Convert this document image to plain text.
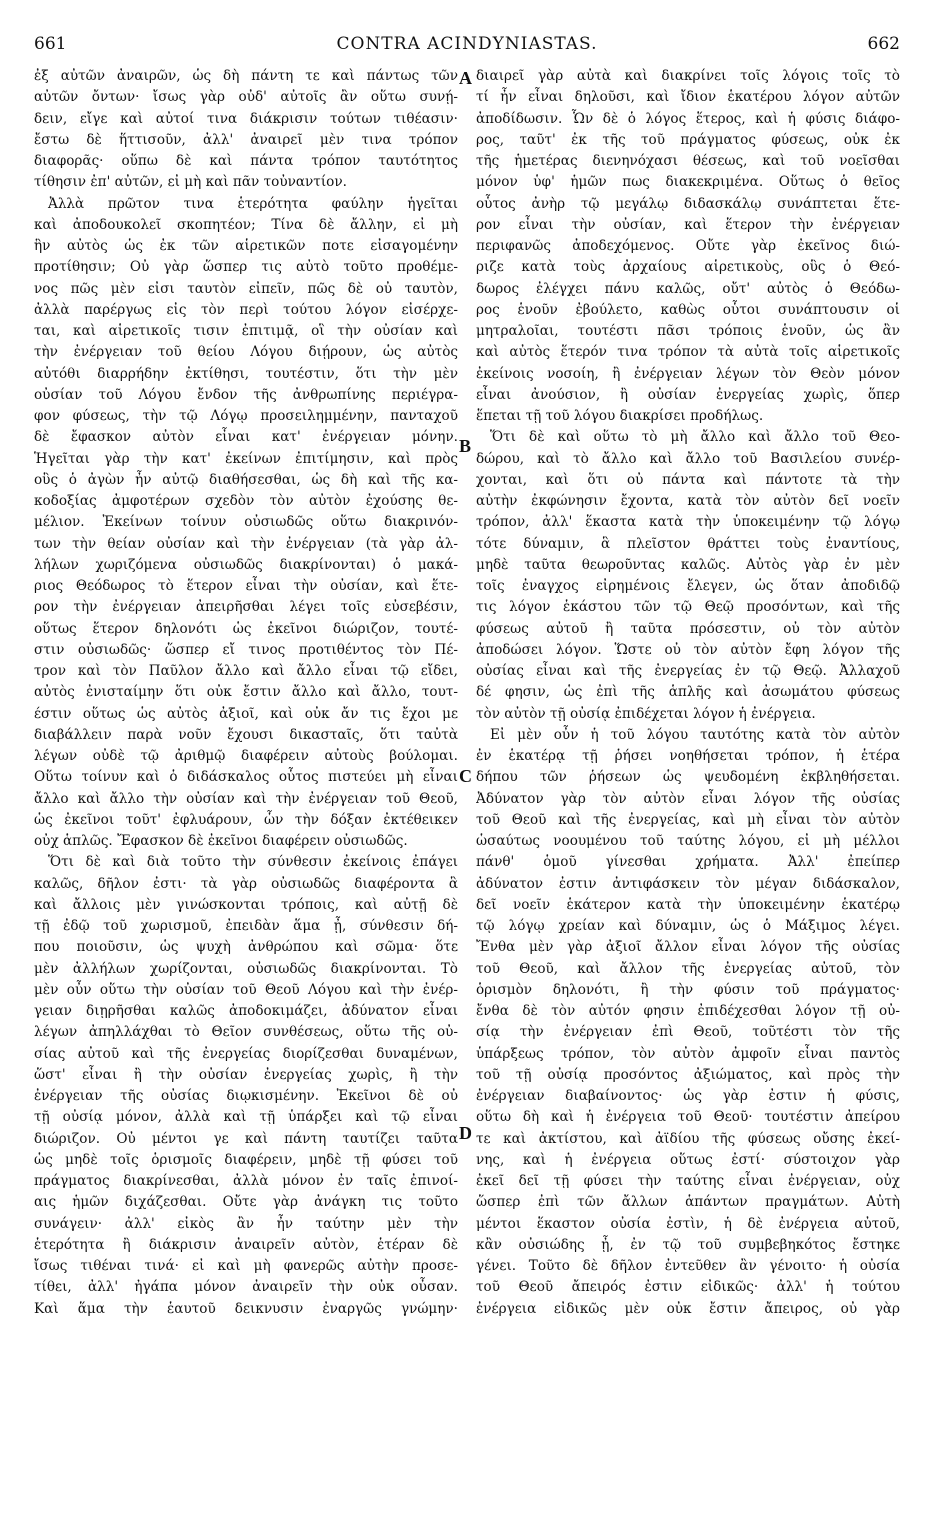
661	CONTRA ACINDYNIASTAS.	662
ἐξ αὐτῶν ἀναιρῶν, ὡς δὴ πάντη τε καὶ πάντως τῶν
αὐτῶν ὄντων· ἴσως γὰρ οὐδ' αὐτοῖς ἂν οὕτω συνῄ-
δειν, εἴγε καὶ αὐτοί τινα διάκρισιν τούτων τιθέασιν·
ἔστω δὲ ἥττισοῦν, ἀλλ' ἀναιρεῖ μὲν τινα τρόπον
διαφορᾶς· οὕπω δὲ καὶ πάντα τρόπον ταυτότητος
τίθησιν ἐπ' αὐτῶν, εἰ μὴ καὶ πᾶν τοὐναντίον.
Ἀλλὰ πρῶτον τινα ἑτερότητα φαύλην ἡγεῖται
καὶ ἀποδουκολεῖ σκοπητέον; Τίνα δὲ ἄλλην, εἰ μὴ
ἣν αὐτὸς ὡς ἐκ τῶν αἱρετικῶν ποτε εἰσαγομένην
προτίθησιν; Οὐ γὰρ ὥσπερ τις αὐτὸ τοῦτο προθέμε-
νος πῶς μὲν εἰσι ταυτὸν εἰπεῖν, πῶς δὲ οὐ ταυτὸν,
ἀλλὰ παρέργως εἰς τὸν περὶ τούτου λόγον εἰσέρχε-
ται, καὶ αἱρετικοῖς τισιν ἐπιτιμᾷ, οἳ τὴν οὐσίαν καὶ
τὴν ἐνέργειαν τοῦ θείου Λόγου διῄρουν, ὡς αὐτὸς
αὐτόθι διαρρήδην ἐκτίθησι, τουτέστιν, ὅτι τὴν μὲν
οὐσίαν τοῦ Λόγου ἔνδον τῆς ἀνθρωπίνης περιέγρα-
φον φύσεως, τὴν τῷ Λόγῳ προσειλημμένην, πανταχοῦ
δὲ ἔφασκον αὐτὸν εἶναι κατ' ἐνέργειαν μόνην.
Ἡγεῖται γὰρ τὴν κατ' ἐκείνων ἐπιτίμησιν, καὶ πρὸς
οὓς ὁ ἀγὼν ἦν αὐτῷ διαθήσεσθαι, ὡς δὴ καὶ τῆς κα-
κοδοξίας ἀμφοτέρων σχεδὸν τὸν αὐτὸν ἐχούσης θε-
μέλιον. Ἐκείνων τοίνυν οὐσιωδῶς οὕτω διακρινόν-
των τὴν θείαν οὐσίαν καὶ τὴν ἐνέργειαν (τὰ γὰρ ἀλ-
λήλων χωριζόμενα οὐσιωδῶς διακρίνονται) ὁ μακά-
ριος Θεόδωρος τὸ ἕτερον εἶναι τὴν οὐσίαν, καὶ ἕτε-
ρον τὴν ἐνέργειαν ἀπειρῆσθαι λέγει τοῖς εὐσεβέσιν,
οὕτως ἕτερον δηλονότι ὡς ἐκεῖνοι διώριζον, τουτέ-
στιν οὐσιωδῶς· ὥσπερ εἴ τινος προτιθέντος τὸν Πέ-
τρον καὶ τὸν Παῦλον ἄλλο καὶ ἄλλο εἶναι τῷ εἴδει,
αὐτὸς ἐνισταίμην ὅτι οὐκ ἔστιν ἄλλο καὶ ἄλλο, τουτ-
έστιν οὕτως ὡς αὐτὸς ἀξιοῖ, καὶ οὐκ ἄν τις ἔχοι με
διαβάλλειν παρὰ νοῦν ἔχουσι δικασταῖς, ὅτι ταὐτὰ
λέγων οὐδὲ τῷ ἀριθμῷ διαφέρειν αὐτοὺς βούλομαι.
Οὕτω τοίνυν καὶ ὁ διδάσκαλος οὗτος πιστεύει μὴ εἶναι
ἄλλο καὶ ἄλλο τὴν οὐσίαν καὶ τὴν ἐνέργειαν τοῦ Θεοῦ,
ὡς ἐκεῖνοι τοῦτ' ἐφλυάρουν, ὧν τὴν δόξαν ἐκτέθεικεν
οὐχ ἁπλῶς. Ἔφασκον δὲ ἐκεῖνοι διαφέρειν οὐσιωδῶς.
Ὅτι δὲ καὶ διὰ τοῦτο τὴν σύνθεσιν ἐκείνοις ἐπάγει
καλῶς, δῆλον ἐστι· τὰ γὰρ οὐσιωδῶς διαφέροντα ἃ
καὶ ἄλλοις μὲν γινώσκονται τρόποις, καὶ αὐτῇ δὲ
τῇ ἐδῷ τοῦ χωρισμοῦ, ἐπειδὰν ἅμα ᾖ, σύνθεσιν δή-
που ποιοῦσιν, ὡς ψυχὴ ἀνθρώπου καὶ σῶμα· ὅτε
μὲν ἀλλήλων χωρίζονται, οὐσιωδῶς διακρίνονται. Τὸ
μὲν οὖν οὕτω τὴν οὐσίαν τοῦ Θεοῦ Λόγου καὶ τὴν ἐνέρ-
γειαν διῃρῆσθαι καλῶς ἀποδοκιμάζει, ἀδύνατον εἶναι
λέγων ἀπηλλάχθαι τὸ Θεῖον συνθέσεως, οὕτω τῆς οὐ-
σίας αὐτοῦ καὶ τῆς ἐνεργείας διορίζεσθαι δυναμένων,
ὥστ' εἶναι ἢ τὴν οὐσίαν ἐνεργείας χωρὶς, ἢ τὴν
ἐνέργειαν τῆς οὐσίας διῳκισμένην. Ἐκεῖνοι δὲ οὐ
τῇ οὐσίᾳ μόνον, ἀλλὰ καὶ τῇ ὑπάρξει καὶ τῷ εἶναι
διώριζον. Οὐ μέντοι γε καὶ πάντη ταυτίζει ταῦτα
ὡς μηδὲ τοῖς ὁρισμοῖς διαφέρειν, μηδὲ τῇ φύσει τοῦ
πράγματος διακρίνεσθαι, ἀλλὰ μόνον ἐν ταῖς ἐπινοί-
αις ἡμῶν διχάζεσθαι. Οὔτε γὰρ ἀνάγκη τις τοῦτο
συνάγειν· ἀλλ' εἰκὸς ἂν ἦν ταύτην μὲν τὴν
ἑτερότητα ἢ διάκρισιν ἀναιρεῖν αὐτὸν, ἑτέραν δὲ
ἴσως τιθέναι τινά· εἰ καὶ μὴ φανερῶς αὐτὴν προσε-
τίθει, ἀλλ' ἠγάπα μόνον ἀναιρεῖν τὴν οὐκ οὖσαν.
Καὶ ἅμα τὴν ἑαυτοῦ δεικνυσιν ἐναργῶς γνώμην·
διαιρεῖ γὰρ αὐτὰ καὶ διακρίνει τοῖς λόγοις τοῖς τὸ
τί ἦν εἶναι δηλοῦσι, καὶ ἴδιον ἑκατέρου λόγον αὐτῶν
ἀποδίδωσιν. Ὧν δὲ ὁ λόγος ἕτερος, καὶ ἡ φύσις διάφο-
ρος, ταῦτ' ἐκ τῆς τοῦ πράγματος φύσεως, οὐκ ἐκ
τῆς ἡμετέρας διενηνόχασι θέσεως, καὶ τοῦ νοεῖσθαι
μόνον ὑφ' ἡμῶν πως διακεκριμένα. Οὕτως ὁ θεῖος
οὗτος ἀνὴρ τῷ μεγάλῳ διδασκάλῳ συνάπτεται ἕτε-
ρον εἶναι τὴν οὐσίαν, καὶ ἕτερον τὴν ἐνέργειαν
περιφανῶς ἀποδεχόμενος. Οὔτε γὰρ ἐκεῖνος διώ-
ριζε κατὰ τοὺς ἀρχαίους αἱρετικοὺς, οὓς ὁ Θεό-
δωρος ἐλέγχει πάνυ καλῶς, οὔτ' αὐτὸς ὁ Θεόδω-
ρος ἑνοῦν ἐβούλετο, καθὼς οὗτοι συνάπτουσιν οἱ
μητραλοῖαι, τουτέστι πᾶσι τρόποις ἑνοῦν, ὡς ἂν
καὶ αὐτὸς ἕτερόν τινα τρόπον τὰ αὐτὰ τοῖς αἱρετικοῖς
ἐκείνοις νοσοίη, ἢ ἐνέργειαν λέγων τὸν Θεὸν μόνον
εἶναι ἀνούσιον, ἢ οὐσίαν ἐνεργείας χωρὶς, ὅπερ
ἕπεται τῇ τοῦ λόγου διακρίσει προδήλως.
Ὅτι δὲ καὶ οὕτω τὸ μὴ ἄλλο καὶ ἄλλο τοῦ Θεο-
δώρου, καὶ τὸ ἄλλο καὶ ἄλλο τοῦ Βασιλείου συνέρ-
χονται, καὶ ὅτι οὐ πάντα καὶ πάντοτε τὰ τὴν
αὐτὴν ἐκφώνησιν ἔχοντα, κατὰ τὸν αὐτὸν δεῖ νοεῖν
τρόπον, ἀλλ' ἕκαστα κατὰ τὴν ὑποκειμένην τῷ λόγῳ
τότε δύναμιν, ἃ πλεῖστον θράττει τοὺς ἐναντίους,
μηδὲ ταῦτα θεωροῦντας καλῶς. Αὐτὸς γὰρ ἐν μὲν
τοῖς ἐναγχος εἰρημένοις ἔλεγεν, ὡς ὅταν ἀποδιδῷ
τις λόγον ἑκάστου τῶν τῷ Θεῷ προσόντων, καὶ τῆς
φύσεως αὐτοῦ ἢ ταῦτα πρόσεστιν, οὐ τὸν αὐτὸν
ἀποδώσει λόγον. Ὥστε οὐ τὸν αὐτὸν ἔφη λόγον τῆς
οὐσίας εἶναι καὶ τῆς ἐνεργείας ἐν τῷ Θεῷ. Ἀλλαχοῦ
δέ φησιν, ὡς ἐπὶ τῆς ἁπλῆς καὶ ἀσωμάτου φύσεως
τὸν αὐτὸν τῇ οὐσίᾳ ἐπιδέχεται λόγον ἡ ἐνέργεια.
Εἰ μὲν οὖν ἡ τοῦ λόγου ταυτότης κατὰ τὸν αὐτὸν
ἐν ἑκατέρᾳ τῇ ῥήσει νοηθήσεται τρόπον, ἡ ἑτέρα
δήπου τῶν ῥήσεων ὡς ψευδομένη ἐκβληθήσεται.
Ἀδύνατον γὰρ τὸν αὐτὸν εἶναι λόγον τῆς οὐσίας
τοῦ Θεοῦ καὶ τῆς ἐνεργείας, καὶ μὴ εἶναι τὸν αὐτὸν
ὡσαύτως νοουμένου τοῦ ταύτης λόγου, εἰ μὴ μέλλοι
πάνθ' ὁμοῦ γίνεσθαι χρήματα. Ἀλλ' ἐπείπερ
ἀδύνατον ἐστιν ἀντιφάσκειν τὸν μέγαν διδάσκαλον,
δεῖ νοεῖν ἑκάτερον κατὰ τὴν ὑποκειμένην ἑκατέρῳ
τῷ λόγῳ χρείαν καὶ δύναμιν, ὡς ὁ Μάξιμος λέγει.
Ἔνθα μὲν γὰρ ἀξιοῖ ἄλλον εἶναι λόγον τῆς οὐσίας
τοῦ Θεοῦ, καὶ ἄλλον τῆς ἐνεργείας αὐτοῦ, τὸν
ὁρισμὸν δηλονότι, ἢ τὴν φύσιν τοῦ πράγματος·
ἔνθα δὲ τὸν αὐτόν φησιν ἐπιδέχεσθαι λόγον τῇ οὐ-
σίᾳ τὴν ἐνέργειαν ἐπὶ Θεοῦ, τοῦτέστι τὸν τῆς
ὑπάρξεως τρόπον, τὸν αὐτὸν ἀμφοῖν εἶναι παντὸς
τοῦ τῇ οὐσίᾳ προσόντος ἀξιώματος, καὶ πρὸς τὴν
ἐνέργειαν διαβαίνοντος· ὡς γὰρ ἐστιν ἡ φύσις,
οὕτω δὴ καὶ ἡ ἐνέργεια τοῦ Θεοῦ· τουτέστιν ἀπείρου
τε καὶ ἀκτίστου, καὶ ἀϊδίου τῆς φύσεως οὔσης ἐκεί-
νης, καὶ ἡ ἐνέργεια οὕτως ἐστί· σύστοιχον γὰρ
ἐκεῖ δεῖ τῇ φύσει τὴν ταύτης εἶναι ἐνέργειαν, οὐχ
ὥσπερ ἐπὶ τῶν ἄλλων ἁπάντων πραγμάτων. Αὐτὴ
μέντοι ἕκαστον οὐσία ἐστὶν, ἡ δὲ ἐνέργεια αὐτοῦ,
κἂν οὐσιώδης ᾖ, ἐν τῷ τοῦ συμβεβηκότος ἔστηκε
γένει. Τοῦτο δὲ δῆλον ἐντεῦθεν ἂν γένοιτο· ἡ οὐσία
τοῦ Θεοῦ ἄπειρός ἐστιν εἰδικῶς· ἀλλ' ἡ τούτου
ἐνέργεια εἰδικῶς μὲν οὐκ ἔστιν ἄπειρος, οὐ γὰρ
A
B
C
D
